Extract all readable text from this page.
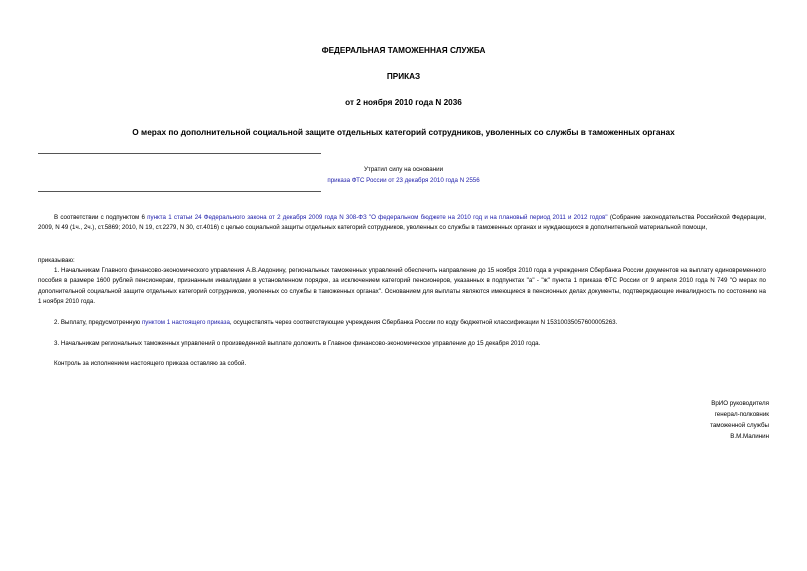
ФЕДЕРАЛЬНАЯ ТАМОЖЕННАЯ СЛУЖБА
ПРИКАЗ
от 2 ноября 2010 года N 2036
О мерах по дополнительной социальной защите отдельных категорий сотрудников, уволенных со службы в таможенных органах
Утратил силу на основании
приказа ФТС России от 23 декабря 2010 года N 2556
В соответствии с подпунктом 6 пункта 1 статьи 24 Федерального закона от 2 декабря 2009 года N 308-ФЗ "О федеральном бюджете на 2010 год и на плановый период 2011 и 2012 годов" (Собрание законодательства Российской Федерации, 2009, N 49 (1ч., 2ч.), ст.5869; 2010, N 19, ст.2279, N 30, ст.4016) с целью социальной защиты отдельных категорий сотрудников, уволенных со службы в таможенных органах и нуждающихся в дополнительной материальной помощи,
приказываю:
1. Начальникам Главного финансово-экономического управления А.В.Авдонину, региональных таможенных управлений обеспечить направление до 15 ноября 2010 года в учреждения Сбербанка России документов на выплату единовременного пособия в размере 1600 рублей пенсионерам, признанным инвалидами в установленном порядке, за исключением категорий пенсионеров, указанных в подпунктах "а" - "ж" пункта 1 приказа ФТС России от 9 апреля 2010 года N 749 "О мерах по дополнительной социальной защите отдельных категорий сотрудников, уволенных со службы в таможенных органах". Основанием для выплаты являются имеющиеся в пенсионных делах документы, подтверждающие инвалидность по состоянию на 1 ноября 2010 года.
2. Выплату, предусмотренную пунктом 1 настоящего приказа, осуществлять через соответствующие учреждения Сбербанка России по коду бюджетной классификации N 15310035057600005263.
3. Начальникам региональных таможенных управлений о произведенной выплате доложить в Главное финансово-экономическое управление до 15 декабря 2010 года.
Контроль за исполнением настоящего приказа оставляю за собой.
ВрИО руководителя
генерал-полковник
таможенной службы
В.М.Малинин
